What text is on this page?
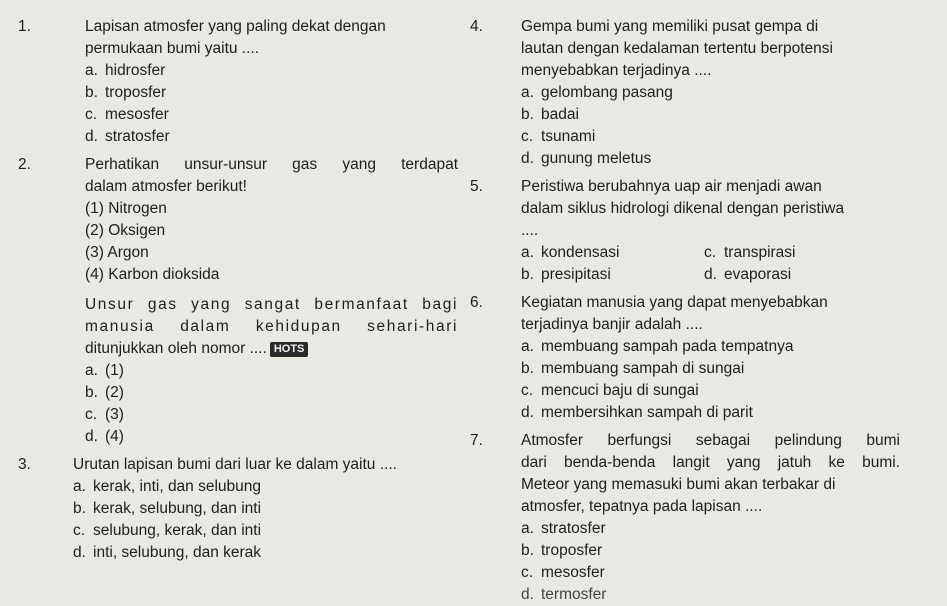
1.	Lapisan atmosfer yang paling dekat dengan
permukaan bumi yaitu ....
a. hidrosfer
b. troposfer
c. mesosfer
d. stratosfer
2.	Perhatikan unsur-unsur gas yang terdapat
dalam atmosfer berikut!
(1) Nitrogen
(2) Oksigen
(3) Argon
(4) Karbon dioksida
Unsur gas yang sangat bermanfaat bagi
manusia dalam kehidupan sehari-hari
ditunjukkan oleh nomor .... HOTS
a. (1)
b. (2)
c. (3)
d. (4)
3.	Urutan lapisan bumi dari luar ke dalam yaitu ....
a. kerak, inti, dan selubung
b. kerak, selubung, dan inti
c. selubung, kerak, dan inti
d. inti, selubung, dan kerak
4.	Gempa bumi yang memiliki pusat gempa di
lautan dengan kedalaman tertentu berpotensi
menyebabkan terjadinya ....
a. gelombang pasang
b. badai
c. tsunami
d. gunung meletus
5.	Peristiwa berubahnya uap air menjadi awan
dalam siklus hidrologi dikenal dengan peristiwa
....
a. kondensasi	c. transpirasi
b. presipitasi	d. evaporasi
6.	Kegiatan manusia yang dapat menyebabkan
terjadinya banjir adalah ....
a. membuang sampah pada tempatnya
b. membuang sampah di sungai
c. mencuci baju di sungai
d. membersihkan sampah di parit
7.	Atmosfer berfungsi sebagai pelindung bumi
dari benda-benda langit yang jatuh ke bumi.
Meteor yang memasuki bumi akan terbakar di
atmosfer, tepatnya pada lapisan ....
a. stratosfer
b. troposfer
c. mesosfer
d. termosfer
